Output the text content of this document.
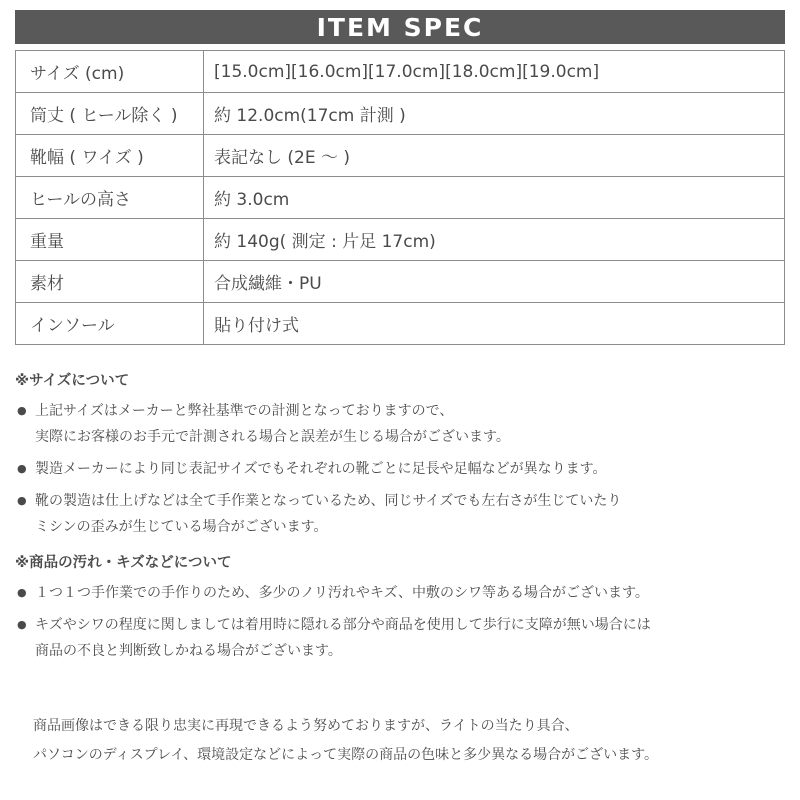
ITEM SPEC
サイズ (cm)	[15.0cm][16.0cm][17.0cm][18.0cm][19.0cm]
筒丈 ( ヒール除く )	約 12.0cm(17cm 計測 )
靴幅 ( ワイズ )	表記なし (2E 〜 )
ヒールの高さ	約 3.0cm
重量	約 140g( 測定 : 片足 17cm)
素材	合成繊維・PU
インソール	貼り付け式
※サイズについて
● 上記サイズはメーカーと弊社基準での計測となっておりますので、
実際にお客様のお手元で計測される場合と誤差が生じる場合がございます。
● 製造メーカーにより同じ表記サイズでもそれぞれの靴ごとに足長や足幅などが異なります。
● 靴の製造は仕上げなどは全て手作業となっているため、同じサイズでも左右さが生じていたり
ミシンの歪みが生じている場合がございます。
※商品の汚れ・キズなどについて
● １つ１つ手作業での手作りのため、多少のノリ汚れやキズ、中敷のシワ等ある場合がございます。
● キズやシワの程度に関しましては着用時に隠れる部分や商品を使用して歩行に支障が無い場合には
商品の不良と判断致しかねる場合がございます。
商品画像はできる限り忠実に再現できるよう努めておりますが、ライトの当たり具合、
パソコンのディスプレイ、環境設定などによって実際の商品の色味と多少異なる場合がございます。
